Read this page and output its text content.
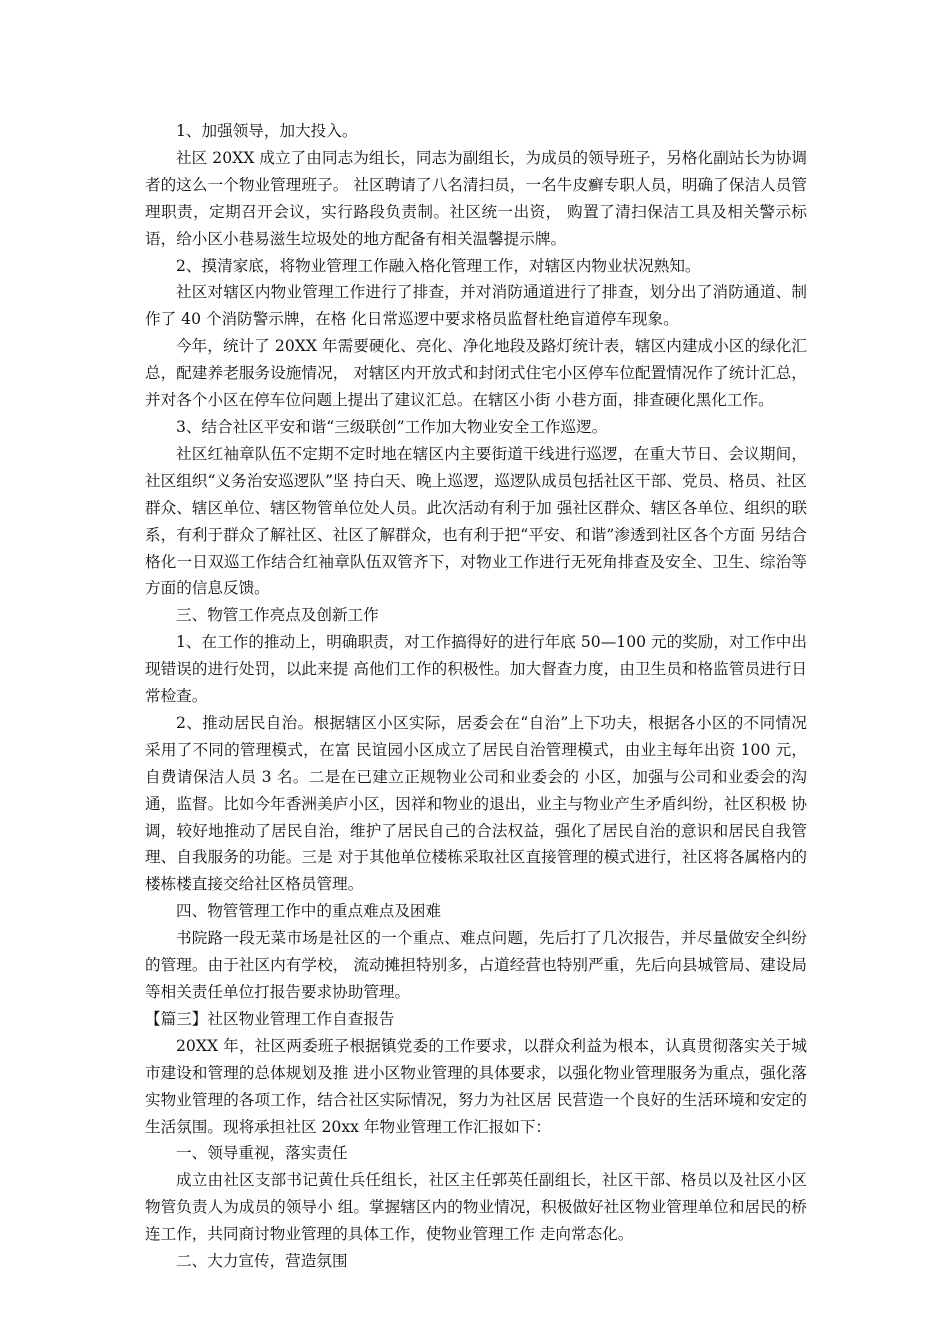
1、加强领导，加大投入。

社区 20XX 成立了由同志为组长，同志为副组长，为成员的领导班子，另格化副站长为协调者的这么一个物业管理班子。 社区聘请了八名清扫员，一名牛皮癣专职人员，明确了保洁人员管理职责，定期召开会议，实行路段负责制。社区统一出资， 购置了清扫保洁工具及相关警示标语，给小区小巷易滋生垃圾处的地方配备有相关温馨提示牌。

2、摸清家底，将物业管理工作融入格化管理工作，对辖区内物业状况熟知。

社区对辖区内物业管理工作进行了排查，并对消防通道进行了排查，划分出了消防通道、制作了 40 个消防警示牌，在格 化日常巡逻中要求格员监督杜绝盲道停车现象。

今年，统计了 20XX 年需要硬化、亮化、净化地段及路灯统计表，辖区内建成小区的绿化汇总，配建养老服务设施情况， 对辖区内开放式和封闭式住宅小区停车位配置情况作了统计汇总，并对各个小区在停车位问题上提出了建议汇总。在辖区小街 小巷方面，排查硬化黑化工作。

3、结合社区平安和谐“三级联创”工作加大物业安全工作巡逻。

社区红袖章队伍不定期不定时地在辖区内主要街道干线进行巡逻，在重大节日、会议期间，社区组织“义务治安巡逻队”坚 持白天、晚上巡逻，巡逻队成员包括社区干部、党员、格员、社区群众、辖区单位、辖区物管单位处人员。此次活动有利于加 强社区群众、辖区各单位、组织的联系，有利于群众了解社区、社区了解群众，也有利于把“平安、和谐”渗透到社区各个方面 另结合格化一日双巡工作结合红袖章队伍双管齐下，对物业工作进行无死角排查及安全、卫生、综治等方面的信息反馈。

三、物管工作亮点及创新工作

1、在工作的推动上，明确职责，对工作搞得好的进行年底 50—100 元的奖励，对工作中出现错误的进行处罚，以此来提 高他们工作的积极性。加大督查力度，由卫生员和格监管员进行日常检查。

2、推动居民自治。根据辖区小区实际，居委会在“自治”上下功夫，根据各小区的不同情况采用了不同的管理模式，在富 民谊园小区成立了居民自治管理模式，由业主每年出资 100 元，自费请保洁人员 3 名。二是在已建立正规物业公司和业委会的 小区，加强与公司和业委会的沟通，监督。比如今年香洲美庐小区，因祥和物业的退出，业主与物业产生矛盾纠纷，社区积极 协调，较好地推动了居民自治，维护了居民自己的合法权益，强化了居民自治的意识和居民自我管理、自我服务的功能。三是 对于其他单位楼栋采取社区直接管理的模式进行，社区将各属格内的楼栋楼直接交给社区格员管理。

四、物管管理工作中的重点难点及困难

书院路一段无菜市场是社区的一个重点、难点问题，先后打了几次报告，并尽量做安全纠纷的管理。由于社区内有学校， 流动摊担特别多，占道经营也特别严重，先后向县城管局、建设局等相关责任单位打报告要求协助管理。

【篇三】社区物业管理工作自查报告

20XX 年，社区两委班子根据镇党委的工作要求，以群众利益为根本，认真贯彻落实关于城市建设和管理的总体规划及推 进小区物业管理的具体要求，以强化物业管理服务为重点，强化落实物业管理的各项工作，结合社区实际情况，努力为社区居 民营造一个良好的生活环境和安定的生活氛围。现将承担社区 20xx 年物业管理工作汇报如下：

一、领导重视，落实责任

成立由社区支部书记黄仕兵任组长，社区主任郭英任副组长，社区干部、格员以及社区小区物管负责人为成员的领导小 组。掌握辖区内的物业情况，积极做好社区物业管理单位和居民的桥连工作，共同商讨物业管理的具体工作，使物业管理工作 走向常态化。

二、大力宣传，营造氛围
